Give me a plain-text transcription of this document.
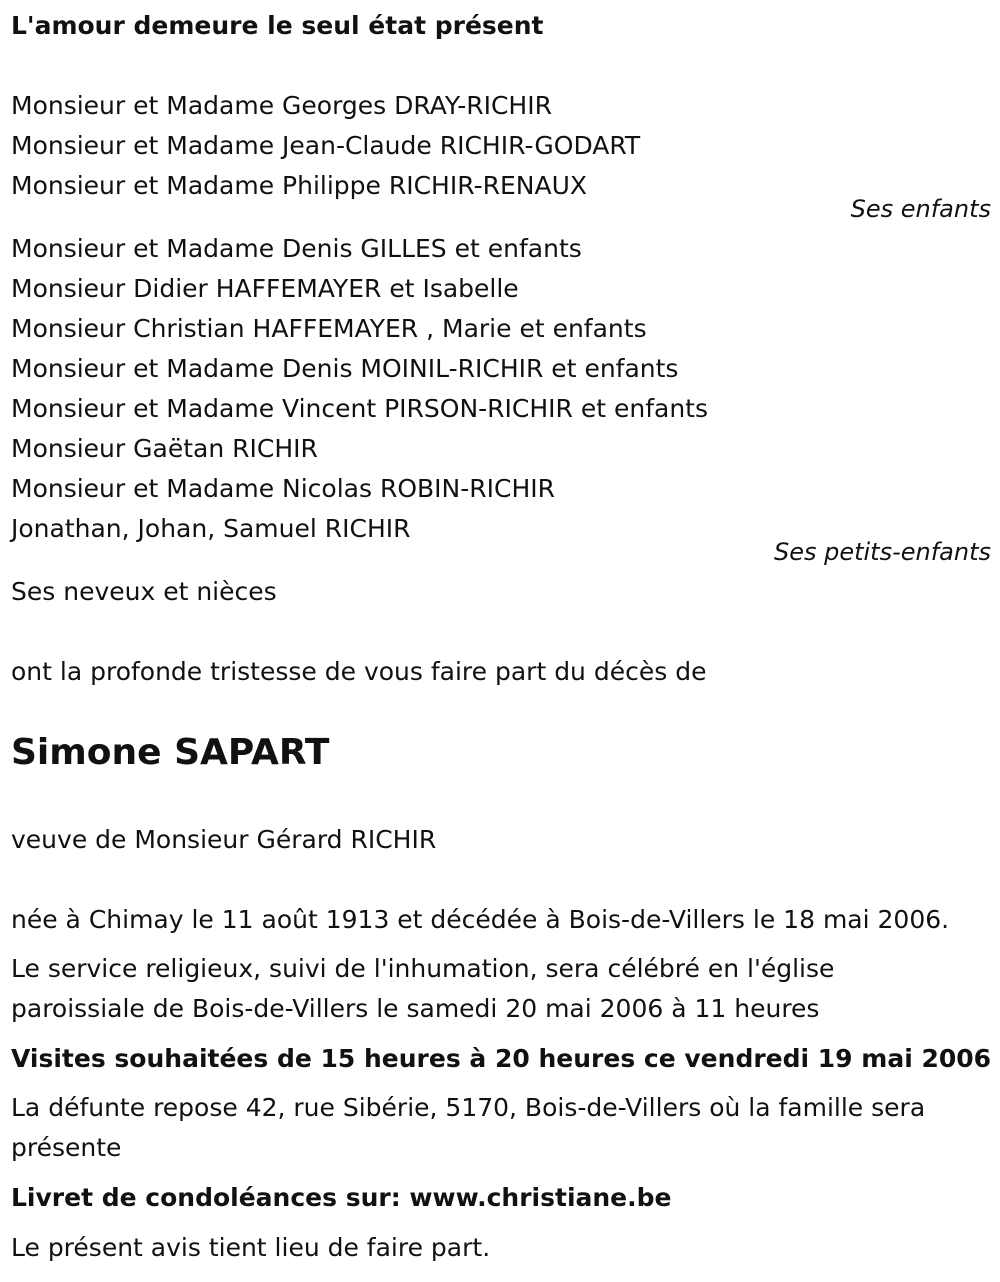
L'amour demeure le seul état présent
Monsieur et Madame Georges DRAY-RICHIR
Monsieur et Madame Jean-Claude RICHIR-GODART
Monsieur et Madame Philippe RICHIR-RENAUX
Ses enfants
Monsieur et Madame Denis GILLES et enfants
Monsieur Didier HAFFEMAYER et Isabelle
Monsieur Christian HAFFEMAYER , Marie et enfants
Monsieur et Madame Denis MOINIL-RICHIR et enfants
Monsieur et Madame Vincent PIRSON-RICHIR et enfants
Monsieur Gaëtan RICHIR
Monsieur et Madame Nicolas ROBIN-RICHIR
Jonathan, Johan, Samuel RICHIR
Ses petits-enfants
Ses neveux et nièces
ont la profonde tristesse de vous faire part du décès de
Simone SAPART
veuve de Monsieur Gérard RICHIR
née à Chimay le 11 août 1913 et décédée à Bois-de-Villers le 18 mai 2006.
Le service religieux, suivi de l'inhumation, sera célébré en l'église
paroissiale de Bois-de-Villers le samedi 20 mai 2006 à 11 heures
Visites souhaitées de 15 heures à 20 heures ce vendredi 19 mai 2006
La défunte repose 42, rue Sibérie, 5170, Bois-de-Villers où la famille sera
présente
Livret de condoléances sur: www.christiane.be
Le présent avis tient lieu de faire part.
